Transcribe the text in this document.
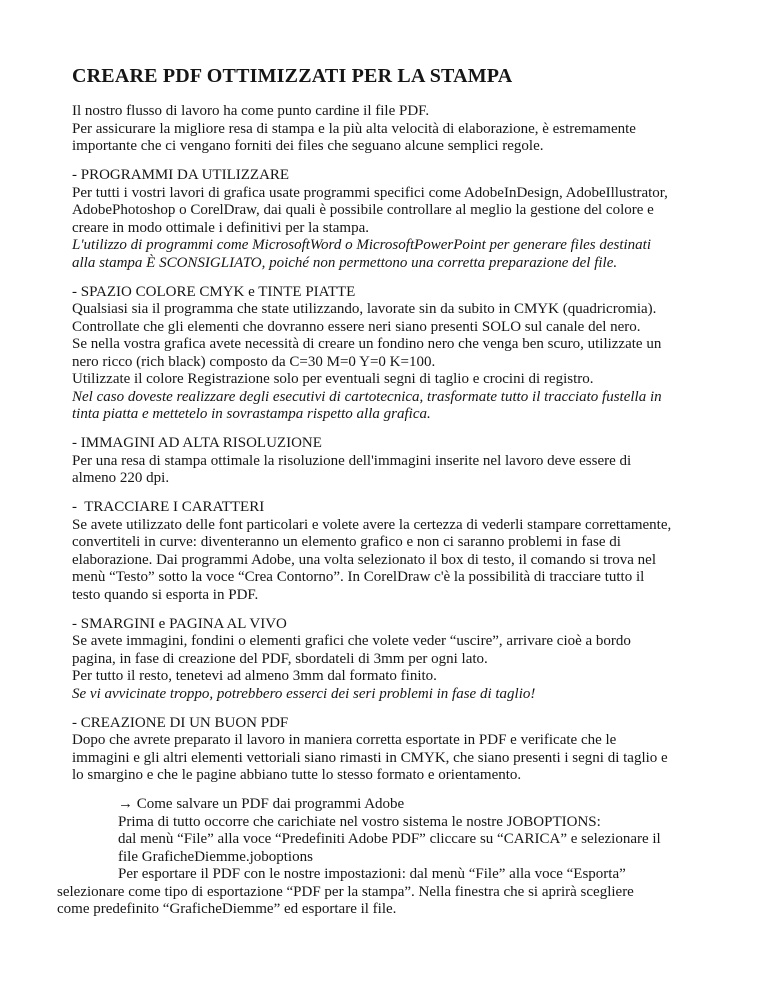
CREARE PDF OTTIMIZZATI PER LA STAMPA
Il nostro flusso di lavoro ha come punto cardine il file PDF.
Per assicurare la migliore resa di stampa e la più alta velocità di elaborazione, è estremamente
importante che ci vengano forniti dei files che seguano alcune semplici regole.
- PROGRAMMI DA UTILIZZARE
Per tutti i vostri lavori di grafica usate programmi specifici come AdobeInDesign, AdobeIllustrator,
AdobePhotoshop o CorelDraw, dai quali è possibile controllare al meglio la gestione del colore e
creare in modo ottimale i definitivi per la stampa.
L'utilizzo di programmi come MicrosoftWord o MicrosoftPowerPoint per generare files destinati
alla stampa È SCONSIGLIATO, poiché non permettono una corretta preparazione del file.
- SPAZIO COLORE CMYK e TINTE PIATTE
Qualsiasi sia il programma che state utilizzando, lavorate sin da subito in CMYK (quadricromia).
Controllate che gli elementi che dovranno essere neri siano presenti SOLO sul canale del nero.
Se nella vostra grafica avete necessità di creare un fondino nero che venga ben scuro, utilizzate un
nero ricco (rich black) composto da C=30 M=0 Y=0 K=100.
Utilizzate il colore Registrazione solo per eventuali segni di taglio e crocini di registro.
Nel caso doveste realizzare degli esecutivi di cartotecnica, trasformate tutto il tracciato fustella in
tinta piatta e mettetelo in sovrastampa rispetto alla grafica.
- IMMAGINI AD ALTA RISOLUZIONE
Per una resa di stampa ottimale la risoluzione dell'immagini inserite nel lavoro deve essere di
almeno 220 dpi.
-  TRACCIARE I CARATTERI
Se avete utilizzato delle font particolari e volete avere la certezza di vederli stampare correttamente,
convertiteli in curve: diventeranno un elemento grafico e non ci saranno problemi in fase di
elaborazione. Dai programmi Adobe, una volta selezionato il box di testo, il comando si trova nel
menù “Testo” sotto la voce “Crea Contorno”. In CorelDraw c'è la possibilità di tracciare tutto il
testo quando si esporta in PDF.
- SMARGINI e PAGINA AL VIVO
Se avete immagini, fondini o elementi grafici che volete veder “uscire”, arrivare cioè a bordo
pagina, in fase di creazione del PDF, sbordateli di 3mm per ogni lato.
Per tutto il resto, tenetevi ad almeno 3mm dal formato finito.
Se vi avvicinate troppo, potrebbero esserci dei seri problemi in fase di taglio!
- CREAZIONE DI UN BUON PDF
Dopo che avrete preparato il lavoro in maniera corretta esportate in PDF e verificate che le
immagini e gli altri elementi vettoriali siano rimasti in CMYK, che siano presenti i segni di taglio e
lo smargino e che le pagine abbiano tutte lo stesso formato e orientamento.
→ Come salvare un PDF dai programmi Adobe
Prima di tutto occorre che carichiate nel vostro sistema le nostre JOBOPTIONS:
dal menù “File” alla voce “Predefiniti Adobe PDF” cliccare su “CARICA” e selezionare il
file GraficheDiemme.joboptions
Per esportare il PDF con le nostre impostazioni: dal menù “File” alla voce “Esporta”
selezionare come tipo di esportazione “PDF per la stampa”. Nella finestra che si aprirà scegliere
come predefinito “GraficheDiemme” ed esportare il file.
